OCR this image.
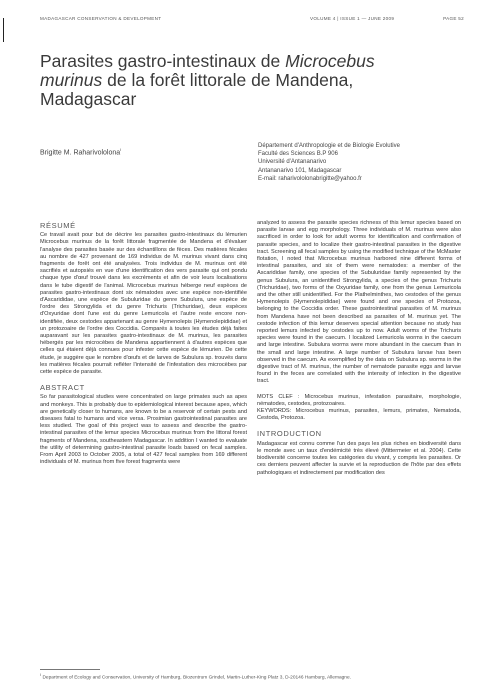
MADAGASCAR CONSERVATION & DEVELOPMENT	VOLUME 4 | ISSUE 1 — JUNE 2009	PAGE 52
Parasites gastro-intestinaux de Microcebus murinus de la forêt littorale de Mandena, Madagascar
Brigitte M. Raharivololona$^I$
Département d'Anthropologie et de Biologie Evolutive
Faculté des Sciences B.P 906
Université d'Antananarivo
Antananarivo 101, Madagascar
E-mail: raharivololonabrigitte@yahoo.fr
RÉSUMÉ

Ce travail avait pour but de décrire les parasites gastro-intestinaux du lémurien Microcebus murinus de la forêt littorale fragmentée de Mandena et d'évaluer l'analyse des parasites basée sur des échantillons de fèces. Des matières fécales au nombre de 427 provenant de 169 individus de M. murinus vivant dans cinq fragments de forêt ont été analysées. Trois individus de M. murinus ont été sacrifiés et autopsiés en vue d'une identification des vers parasite qui ont pondu chaque type d'œuf trouvé dans les excréments et afin de voir leurs localisations dans le tube digestif de l'animal. Microcebus murinus héberge neuf espèces de parasites gastro-intestinaux dont six nématodes avec une espèce non-identifiée d'Ascarididae, une espèce de Subuluridae du genre Subulura, une espèce de l'ordre des Strongylida et du genre Trichuris (Trichuridae), deux espèces d'Oxyuridae dont l'une est du genre Lemuricola et l'autre reste encore non-identifiée, deux cestodes appartenant au genre Hymenolepis (Hymenolepididae) et un protozoaire de l'ordre des Coccidia. Comparés à toutes les études déjà faites auparavant sur les parasites gastro-intestinaux de M. murinus, les parasites hébergés par les microcèbes de Mandena appartiennent à d'autres espèces que celles qui étaient déjà connues pour infester cette espèce de lémurien. De cette étude, je suggère que le nombre d'œufs et de larves de Subulura sp. trouvés dans les matières fécales pourrait refléter l'intensité de l'infestation des microcèbes par cette espèce de parasite.

ABSTRACT

So far parasitological studies were concentrated on large primates such as apes and monkeys. This is probably due to epidemiological interest because apes, which are genetically closer to humans, are known to be a reservoir of certain pests and diseases fatal to humans and vice versa. Prosimian gastrointestinal parasites are less studied. The goal of this project was to assess and describe the gastro-intestinal parasites of the lemur species Microcebus murinus from the littoral forest fragments of Mandena, southeastern Madagascar. In addition I wanted to evaluate the utility of determining gastro-intestinal parasite loads based on fecal samples. From April 2003 to October 2005, a total of 427 fecal samples from 169 different individuals of M. murinus from five forest fragments were

analyzed to assess the parasite species richness of this lemur species based on parasite larvae and egg morphology. Three individuals of M. murinus were also sacrificed in order to look for adult worms for identification and confirmation of parasite species, and to localize their gastro-intestinal parasites in the digestive tract. Screening all fecal samples by using the modified technique of the McMaster flotation, I noted that Microcebus murinus harbored nine different forms of intestinal parasites, and six of them were nematodes: a member of the Ascarididae family, one species of the Subuluridae family represented by the genus Subulura, an unidentified Strongylida, a species of the genus Trichuris (Trichuridae), two forms of the Oxyuridae family, one from the genus Lemuricola and the other still unidentified. For the Plathelminthes, two cestodes of the genus Hymenolepis (Hymenolepididae) were found and one species of Protozoa, belonging to the Coccidia order. These gastrointestinal parasites of M. murinus from Mandena have not been described as parasites of M. murinus yet. The cestode infection of this lemur deserves special attention because no study has reported lemurs infected by cestodes up to now. Adult worms of the Trichuris species were found in the caecum. I localized Lemuricola worms in the caecum and large intestine. Subulura worms were more abundant in the caecum than in the small and large intestine. A large number of Subulura larvae has been observed in the caecum. As exemplified by the data on Subulura sp. worms in the digestive tract of M. murinus, the number of nematode parasite eggs and larvae found in the feces are correlated with the intensity of infection in the digestive tract.

MOTS CLEF : Microcebus murinus, infestation parasitaire, morphologie, nématodes, cestodes, protozoaires.

KEYWORDS: Microcebus murinus, parasites, lemurs, primates, Nematoda, Cestoda, Protozoa.

INTRODUCTION

Madagascar est connu comme l'un des pays les plus riches en biodiversité dans le monde avec un taux d'endémicité très élevé (Mittermeier et al. 2004). Cette biodiversité concerne toutes les catégories du vivant, y compris les parasites. Or ces derniers peuvent affecter la survie et la reproduction de l'hôte par des effets pathologiques et indirectement par modification des

$^I$ Department of Ecology and Conservation, University of Hamburg, Biozentrum Grindel, Martin-Luther-King Platz 3, D-20146 Hamburg, Allemagne.
